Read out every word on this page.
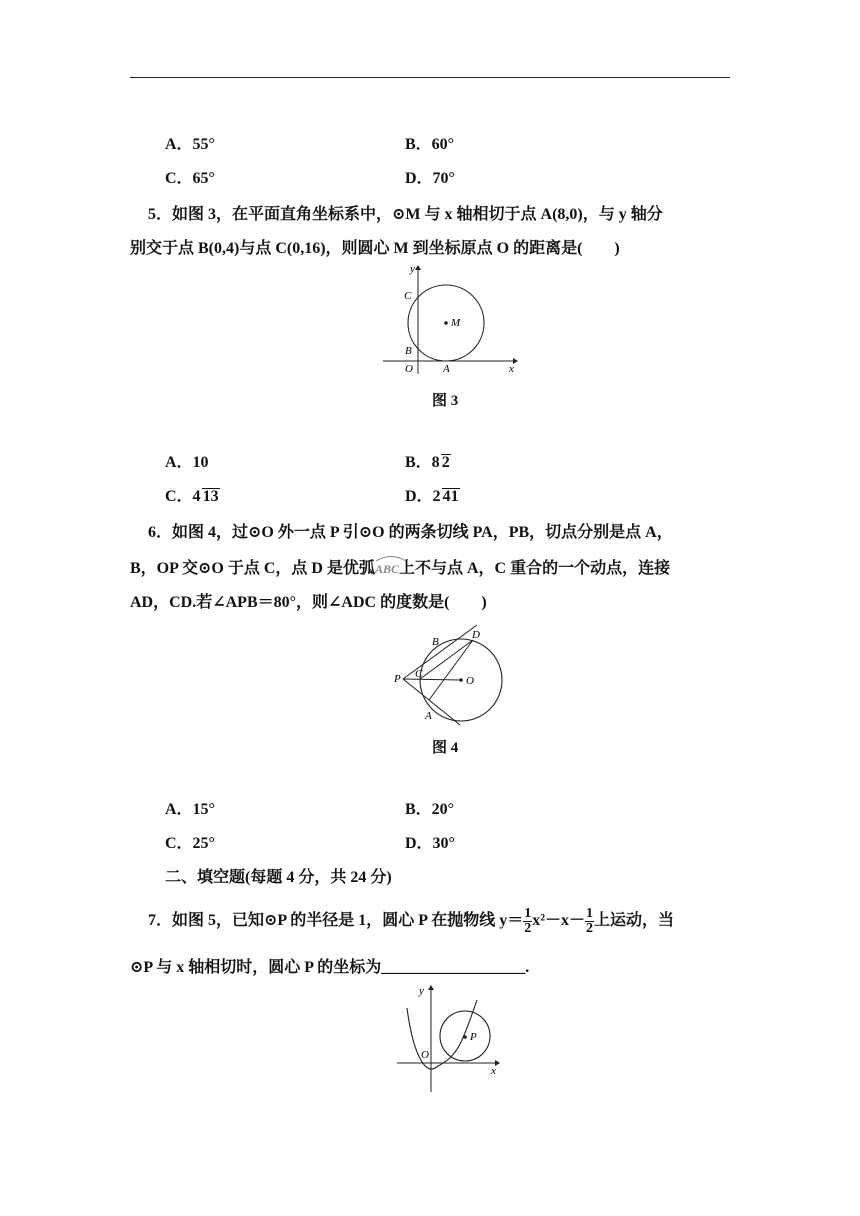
A．55°	B．60°
C．65°	D．70°
5．如图 3，在平面直角坐标系中，⊙M 与 x 轴相切于点 A(8,0)，与 y 轴分
别交于点 B(0,4)与点 C(0,16)，则圆心 M 到坐标原点 O 的距离是(　　)
y
x
C
M
B
O	A
图 3
A．10	B．8 2
C．4 13	D．2 41
6．如图 4，过⊙O 外一点 P 引⊙O 的两条切线 PA，PB，切点分别是点 A，
B，OP 交⊙O 于点 C，点 D 是优弧ABC
上不与点 A，C 重合的一个动点，连接
AD，CD.若∠APB＝80°，则∠ADC 的度数是(　　)
B
D
P C
O
A
图 4
A．15°	B．20°
C．25°	D．30°
二、填空题(每题 4 分，共 24 分)
7．如图 5，已知⊙P 的半径是 1，圆心 P 在抛物线 $y= \frac{1}{2} x^2-x- \frac{1}{2}$ 上运动，当
⊙P 与 x 轴相切时，圆心 P 的坐标为__________________.
y
x
O
P
